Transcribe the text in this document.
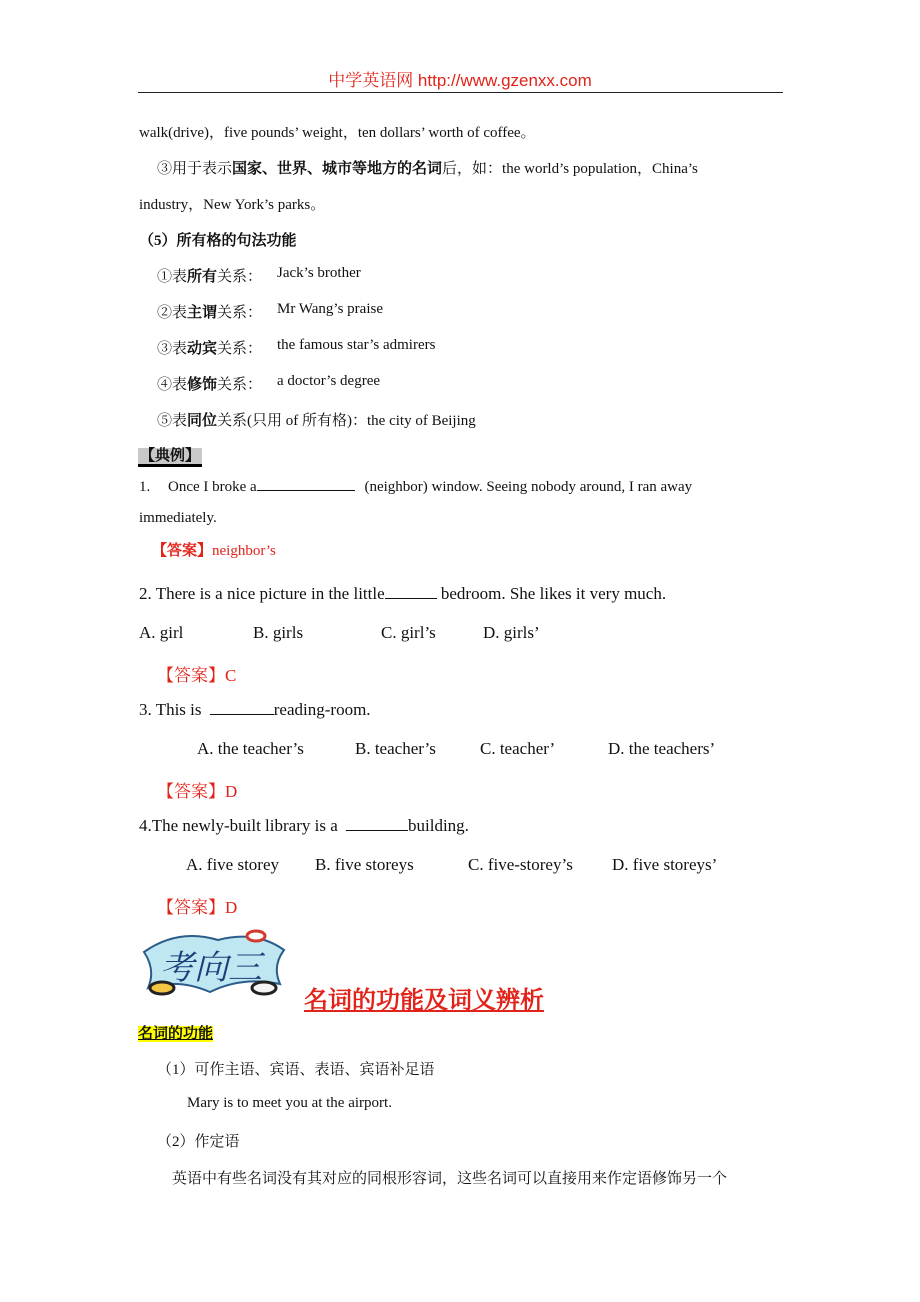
中学英语网 http://www.gzenxx.com
walk(drive)，five pounds’ weight，ten dollars’ worth of coffee。
③用于表示国家、世界、城市等地方的名词后，如：the world’s population，China’s
industry，New York’s parks。
（5）所有格的句法功能
①表所有关系： Jack’s brother
②表主谓关系： Mr Wang’s praise
③表动宾关系： the famous star’s admirers
④表修饰关系： a doctor’s degree
⑤表同位关系(只用 of 所有格)：the city of Beijing
【典例】
1. Once I broke a	(neighbor) window. Seeing nobody around, I ran away
immediately.
【答案】neighbor’s
2. There is a nice picture in the little	bedroom. She likes it very much.
A. girl	B. girls	C. girl’s	D. girls’
【答案】C
3. This is	reading-room.
A. the teacher’s	B. teacher’s	C. teacher’	D. the teachers’
【答案】D
4.The newly-built library is a	building.
A. five storey B. five storeys	C. five-storey’s D. five storeys’
【答案】D
考向三
名词的功能及词义辨析
名词的功能
（1）可作主语、宾语、表语、宾语补足语
Mary is to meet you at the airport.
（2）作定语
英语中有些名词没有其对应的同根形容词，这些名词可以直接用来作定语修饰另一个
